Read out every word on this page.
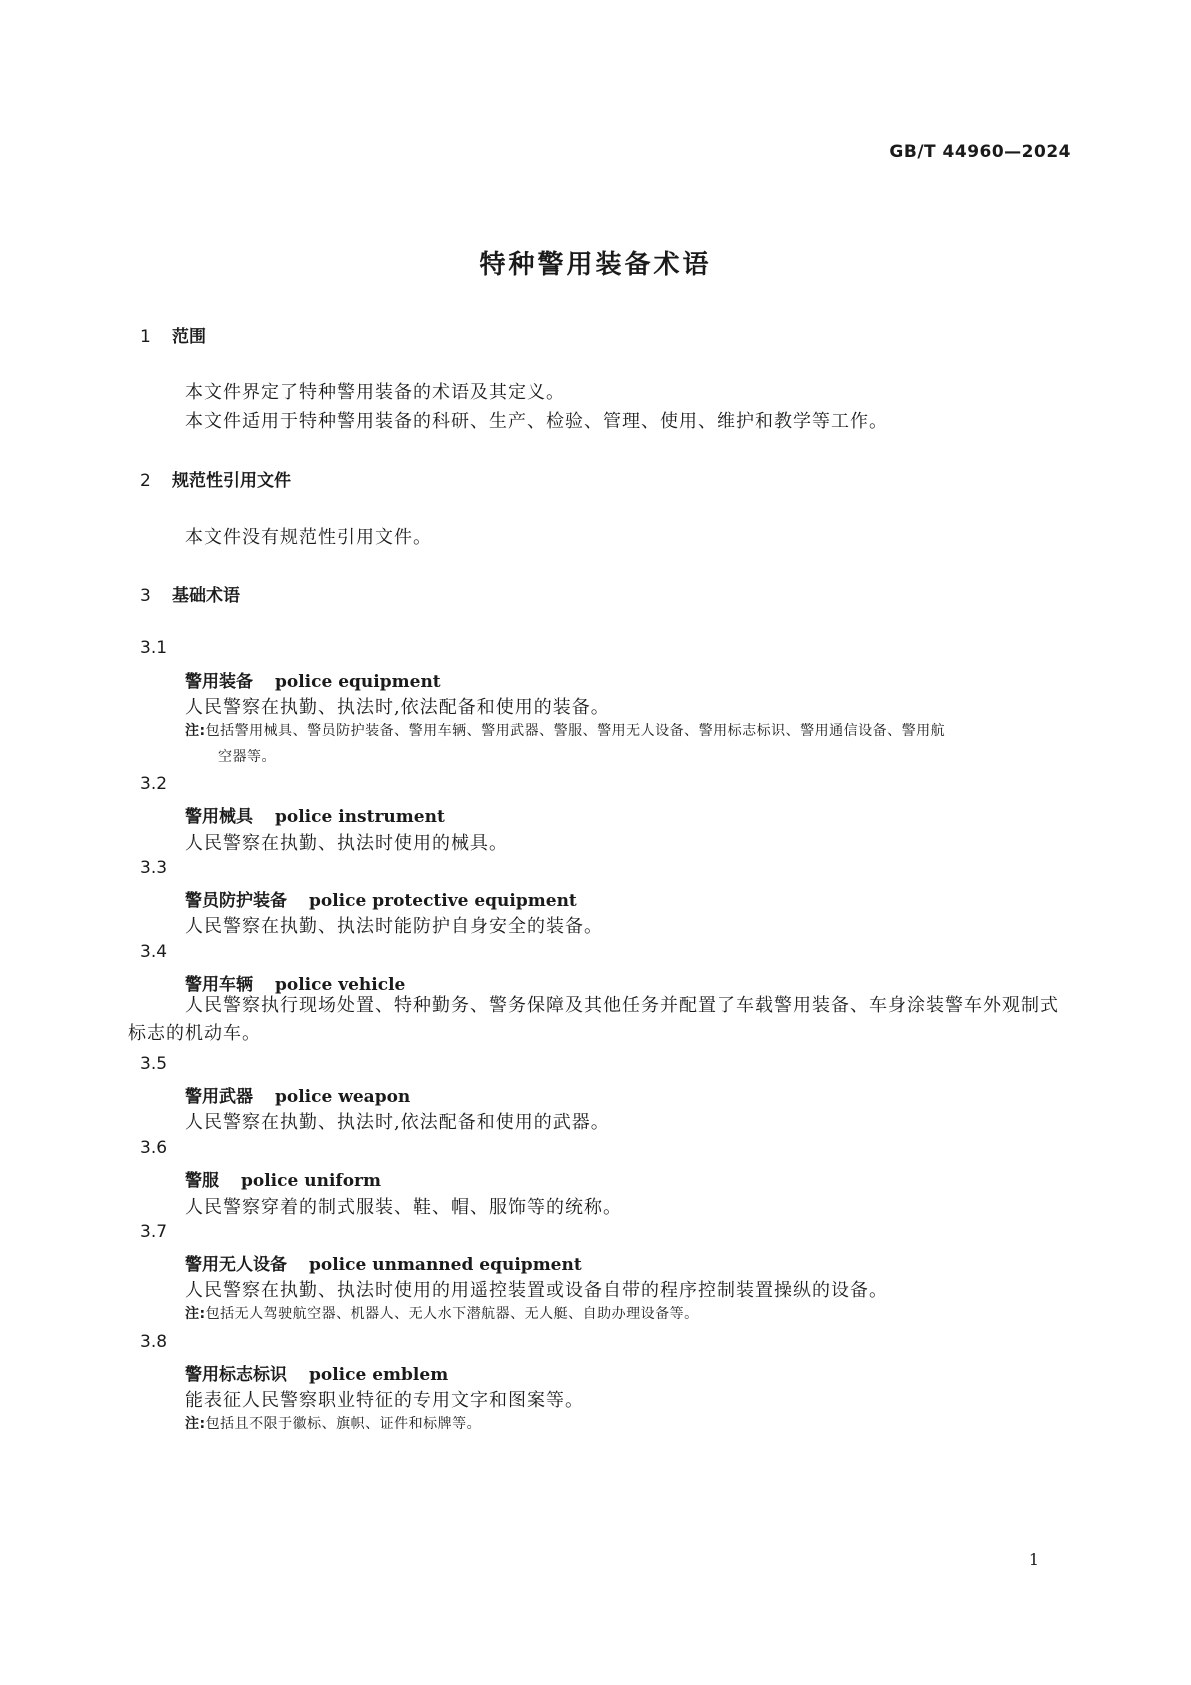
GB/T 44960—2024
特种警用装备术语
1 范围
本文件界定了特种警用装备的术语及其定义。
本文件适用于特种警用装备的科研、生产、检验、管理、使用、维护和教学等工作。
2 规范性引用文件
本文件没有规范性引用文件。
3 基础术语
3.1
警用装备 police equipment
人民警察在执勤、执法时,依法配备和使用的装备。
注:包括警用械具、警员防护装备、警用车辆、警用武器、警服、警用无人设备、警用标志标识、警用通信设备、警用航
空器等。
3.2
警用械具 police instrument
人民警察在执勤、执法时使用的械具。
3.3
警员防护装备 police protective equipment
人民警察在执勤、执法时能防护自身安全的装备。
3.4
警用车辆 police vehicle
人民警察执行现场处置、特种勤务、警务保障及其他任务并配置了车载警用装备、车身涂装警车外观制式标志的机动车。
3.5
警用武器 police weapon
人民警察在执勤、执法时,依法配备和使用的武器。
3.6
警服 police uniform
人民警察穿着的制式服装、鞋、帽、服饰等的统称。
3.7
警用无人设备 police unmanned equipment
人民警察在执勤、执法时使用的用遥控装置或设备自带的程序控制装置操纵的设备。
注:包括无人驾驶航空器、机器人、无人水下潜航器、无人艇、自助办理设备等。
3.8
警用标志标识 police emblem
能表征人民警察职业特征的专用文字和图案等。
注:包括且不限于徽标、旗帜、证件和标牌等。
1
